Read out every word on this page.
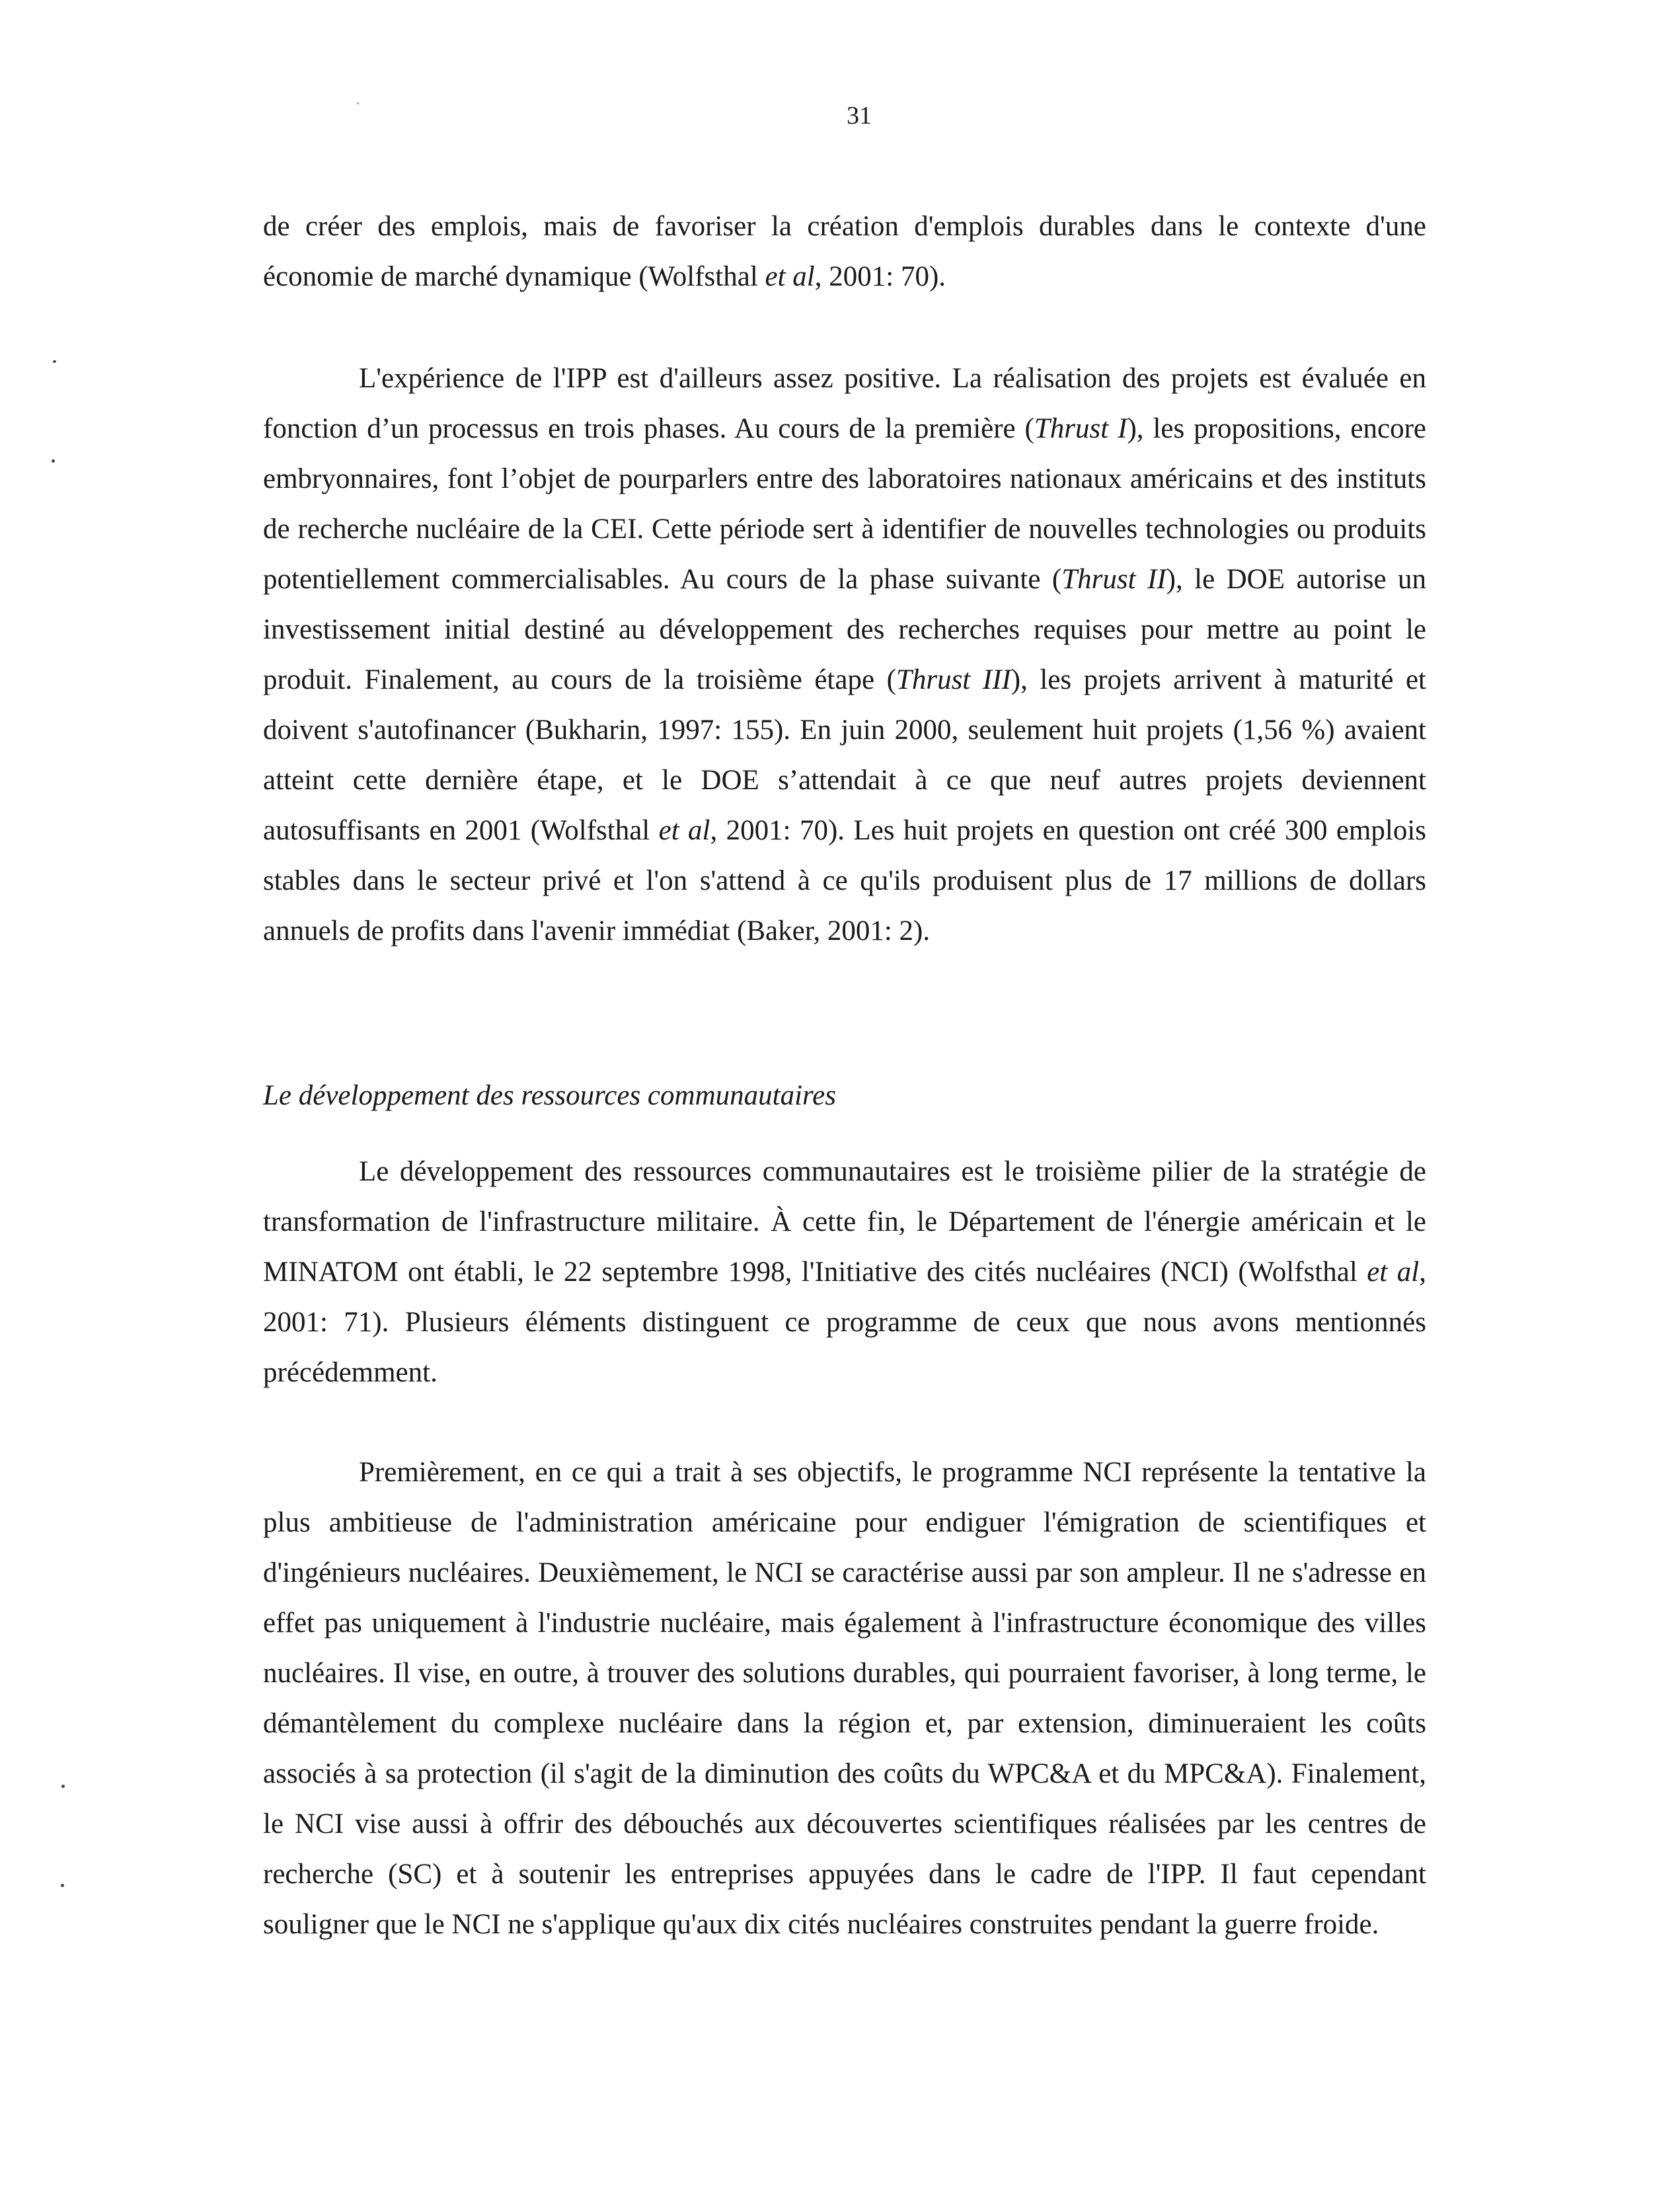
31

de créer des emplois, mais de favoriser la création d'emplois durables dans le contexte d'une économie de marché dynamique (Wolfsthal et al, 2001: 70).

L'expérience de l'IPP est d'ailleurs assez positive. La réalisation des projets est évaluée en fonction d’un processus en trois phases. Au cours de la première (Thrust I), les propositions, encore embryonnaires, font l’objet de pourparlers entre des laboratoires nationaux américains et des instituts de recherche nucléaire de la CEI. Cette période sert à identifier de nouvelles technologies ou produits potentiellement commercialisables. Au cours de la phase suivante (Thrust II), le DOE autorise un investissement initial destiné au développement des recherches requises pour mettre au point le produit. Finalement, au cours de la troisième étape (Thrust III), les projets arrivent à maturité et doivent s'autofinancer (Bukharin, 1997: 155). En juin 2000, seulement huit projets (1,56 %) avaient atteint cette dernière étape, et le DOE s’attendait à ce que neuf autres projets deviennent autosuffisants en 2001 (Wolfsthal et al, 2001: 70). Les huit projets en question ont créé 300 emplois stables dans le secteur privé et l'on s'attend à ce qu'ils produisent plus de 17 millions de dollars annuels de profits dans l'avenir immédiat (Baker, 2001: 2).

Le développement des ressources communautaires

Le développement des ressources communautaires est le troisième pilier de la stratégie de transformation de l'infrastructure militaire. À cette fin, le Département de l'énergie américain et le MINATOM ont établi, le 22 septembre 1998, l'Initiative des cités nucléaires (NCI) (Wolfsthal et al, 2001: 71). Plusieurs éléments distinguent ce programme de ceux que nous avons mentionnés précédemment.

Premièrement, en ce qui a trait à ses objectifs, le programme NCI représente la tentative la plus ambitieuse de l'administration américaine pour endiguer l'émigration de scientifiques et d'ingénieurs nucléaires. Deuxièmement, le NCI se caractérise aussi par son ampleur. Il ne s'adresse en effet pas uniquement à l'industrie nucléaire, mais également à l'infrastructure économique des villes nucléaires. Il vise, en outre, à trouver des solutions durables, qui pourraient favoriser, à long terme, le démantèlement du complexe nucléaire dans la région et, par extension, diminueraient les coûts associés à sa protection (il s'agit de la diminution des coûts du WPC&A et du MPC&A). Finalement, le NCI vise aussi à offrir des débouchés aux découvertes scientifiques réalisées par les centres de recherche (SC) et à soutenir les entreprises appuyées dans le cadre de l'IPP. Il faut cependant souligner que le NCI ne s'applique qu'aux dix cités nucléaires construites pendant la guerre froide.
